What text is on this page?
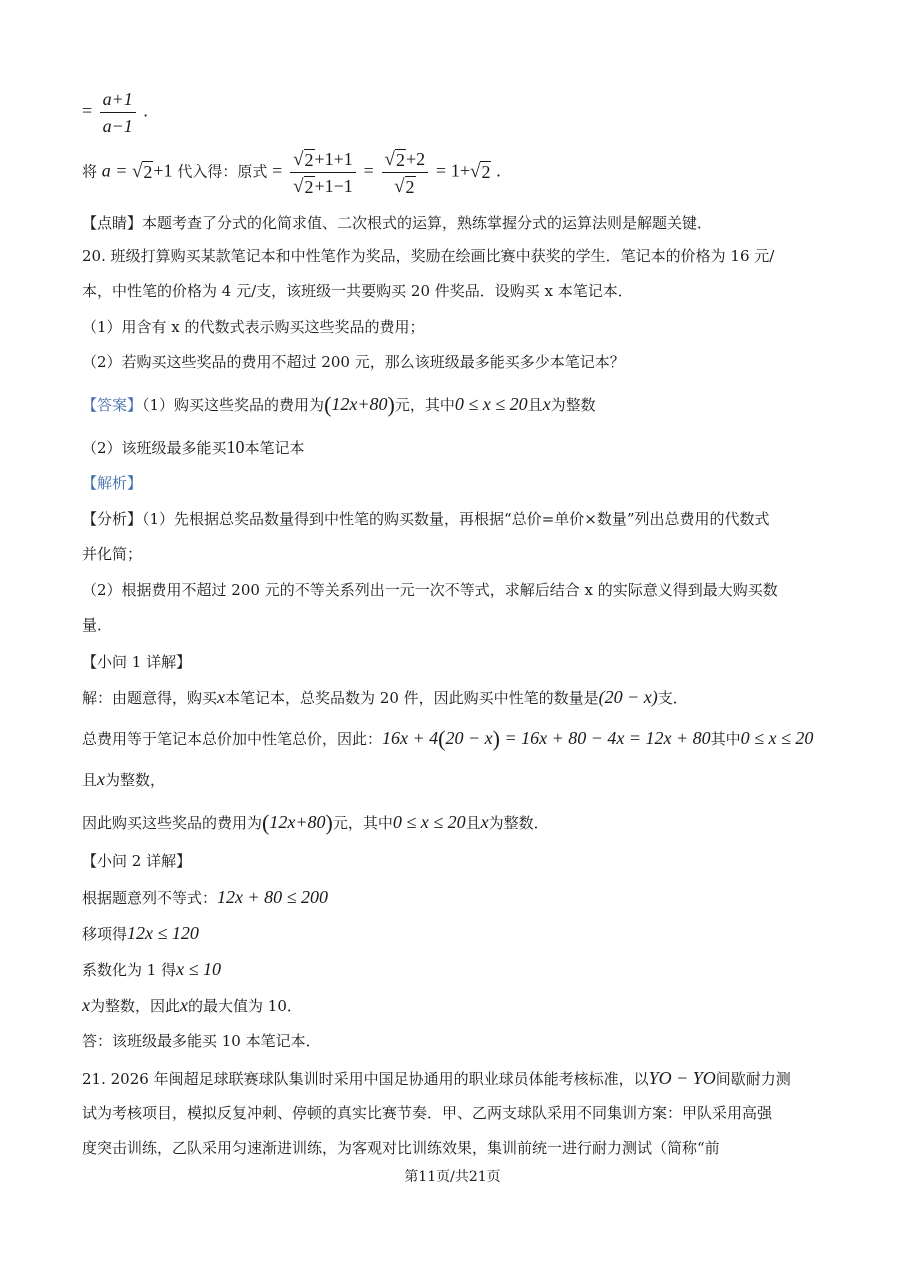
= $\frac{a+1}{a-1}$ .
将 a = √ 2 +1 代入得：原式 = $\frac{√ 2 +1+1}{√ 2 +1-1} = \frac{√ 2 +2}{√ 2} = 1+$ √ 2 .
【点睛】本题考查了分式的化简求值、二次根式的运算，熟练掌握分式的运算法则是解题关键．
20. 班级打算购买某款笔记本和中性笔作为奖品，奖励在绘画比赛中获奖的学生．笔记本的价格为 16 元/
本，中性笔的价格为 4 元/支，该班级一共要购买 20 件奖品．设购买 x 本笔记本．
（1）用含有 x 的代数式表示购买这些奖品的费用；
（2）若购买这些奖品的费用不超过 200 元，那么该班级最多能买多少本笔记本？
【答案】（1）购买这些奖品的费用为(12x+80)元，其中0 ≤ x ≤ 20且x为整数
（2）该班级最多能买10本笔记本
【解析】
【分析】（1）先根据总奖品数量得到中性笔的购买数量，再根据“总价=单价×数量”列出总费用的代数式
并化简；
（2）根据费用不超过 200 元的不等关系列出一元一次不等式，求解后结合 x 的实际意义得到最大购买数
量．
【小问 1 详解】
解：由题意得，购买x本笔记本，总奖品数为 20 件，因此购买中性笔的数量是(20 − x)支．
总费用等于笔记本总价加中性笔总价，因此：16x + 4(20 − x) = 16x + 80 − 4x = 12x + 80其中0 ≤ x ≤ 20
且x为整数，
因此购买这些奖品的费用为(12x+80)元，其中0 ≤ x ≤ 20且x为整数．
【小问 2 详解】
根据题意列不等式：12x + 80 ≤ 200
移项得12x ≤ 120
系数化为 1 得x ≤ 10
x为整数，因此x的最大值为 10．
答：该班级最多能买 10 本笔记本．
21. 2026 年闽超足球联赛球队集训时采用中国足协通用的职业球员体能考核标准，以YO − YO间歇耐力测
试为考核项目，模拟反复冲刺、停顿的真实比赛节奏．甲、乙两支球队采用不同集训方案：甲队采用高强
度突击训练，乙队采用匀速渐进训练，为客观对比训练效果，集训前统一进行耐力测试（简称“前
第11页/共21页
